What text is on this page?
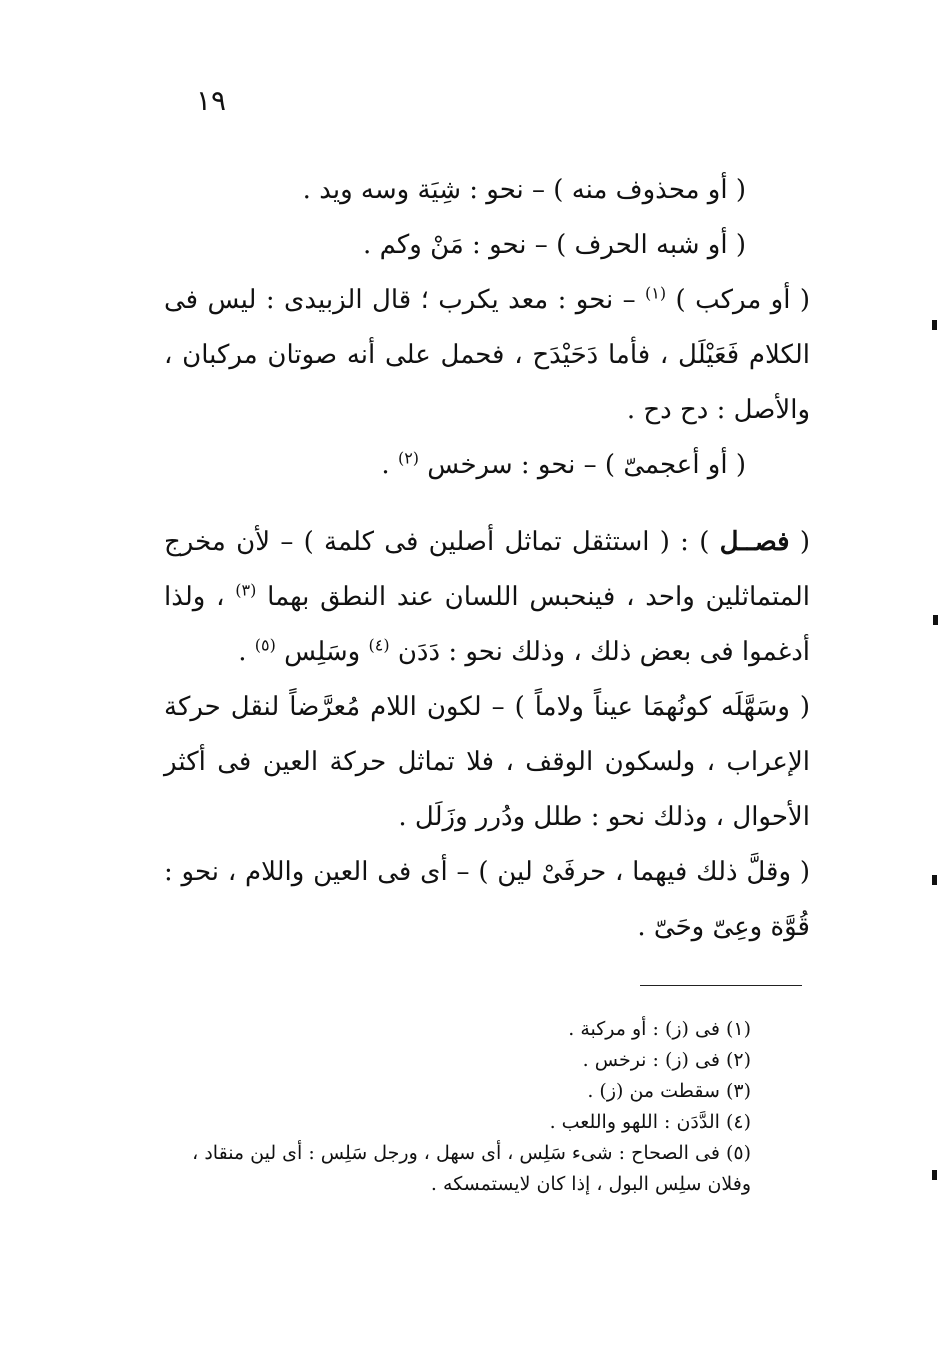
١٩

( أو محذوف منه ) – نحو : شِيَة وسه ويد .

( أو شبه الحرف ) – نحو : مَنْ وكم .

( أو مركب ) $^{(١)}$ – نحو : معد يكرب ؛ قال الزبيدى : ليس فى الكلام فَعَيْلَل ، فأما دَحَيْدَح ، فحمل على أنه صوتان مركبان ، والأصل : دح دح .

( أو أعجمىّ ) – نحو : سرخس $^{(٢)}$ .

( فصــل ) : ( استثقل تماثل أصلين فى كلمة ) – لأن مخرج المتماثلين واحد ، فينحبس اللسان عند النطق بهما $^{(٣)}$ ، ولذا أدغموا فى بعض ذلك ، وذلك نحو : دَدَن $^{(٤)}$ وسَلِس $^{(٥)}$ .

( وسَهَّلَه كونُهمَا عيناً ولاماً ) – لكون اللام مُعرَّضاً لنقل حركة الإعراب ، ولسكون الوقف ، فلا تماثل حركة العين فى أكثر الأحوال ، وذلك نحو : طلل ودُرر وزَلَل .

( وقلَّ ذلك فيهما ، حرفَىْ لين ) – أى فى العين واللام ، نحو : قُوَّة وعِىّ وحَىّ .

(١) فى (ز) : أو مركبة .

(٢) فى (ز) : نرخس .

(٣) سقطت من (ز) .

(٤) الدَّدَن : اللهو واللعب .

(٥) فى الصحاح : شىء سَلِس ، أى سهل ، ورجل سَلِس : أى لين منقاد ، وفلان سلِس البول ، إذا كان لايستمسكه .
